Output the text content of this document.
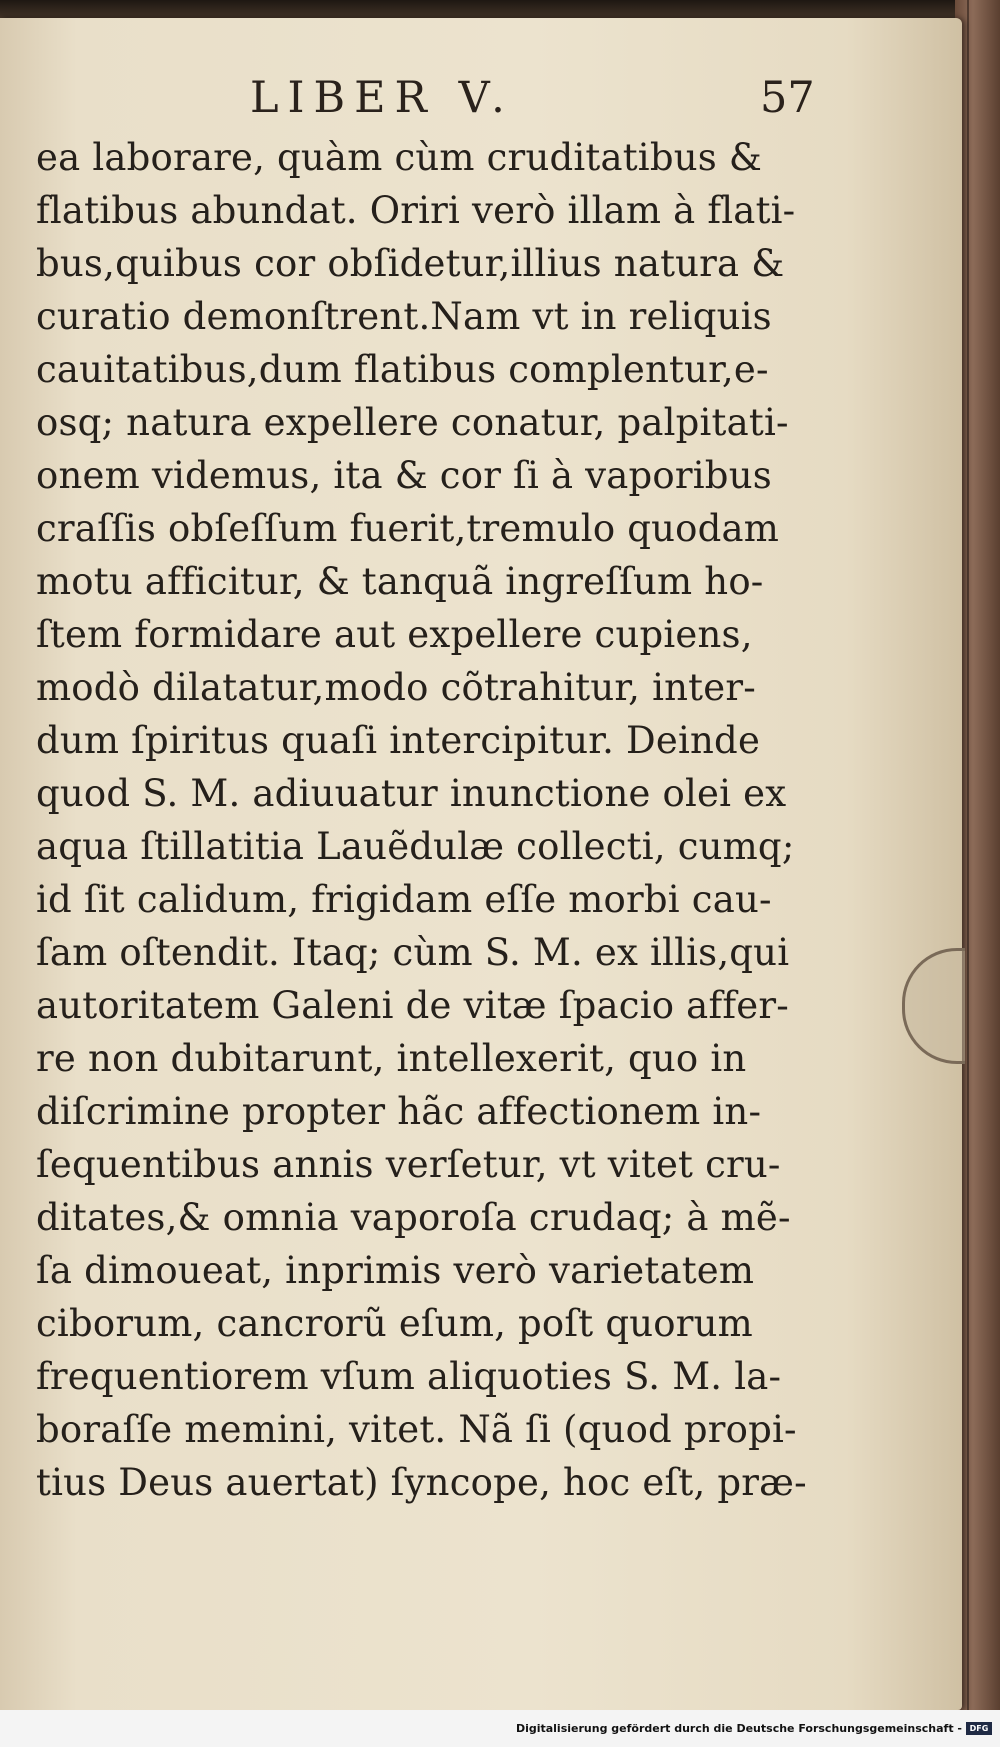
LIBER V.	57
ea laborare, quàm cùm cruditatibus &
flatibus abundat. Oriri verò illam à flati-
bus,quibus cor obſidetur,illius natura &
curatio demonſtrent.Nam vt in reliquis
cauitatibus,dum flatibus complentur,e-
osq; natura expellere conatur, palpitati-
onem videmus, ita & cor ſi à vaporibus
craſſis obſeſſum fuerit,tremulo quodam
motu afficitur, & tanquã ingreſſum ho-
ſtem formidare aut expellere cupiens,
modò dilatatur,modo cõtrahitur, inter-
dum ſpiritus quaſi intercipitur. Deinde
quod S. M. adiuuatur inunctione olei ex
aqua ſtillatitia Lauẽdulæ collecti, cumq;
id ſit calidum, frigidam eſſe morbi cau-
ſam oſtendit. Itaq; cùm S. M. ex illis,qui
autoritatem Galeni de vitæ ſpacio affer-
re non dubitarunt, intellexerit, quo in
diſcrimine propter hãc affectionem in-
ſequentibus annis verſetur, vt vitet cru-
ditates,& omnia vaporoſa crudaq; à mẽ-
ſa dimoueat, inprimis verò varietatem
ciborum, cancrorũ eſum, poſt quorum
frequentiorem vſum aliquoties S. M. la-
boraſſe memini, vitet. Nã ſi (quod propi-
tius Deus auertat) ſyncope, hoc eſt, præ-
Digitalisierung gefördert durch die Deutsche Forschungsgemeinschaft - DFG
